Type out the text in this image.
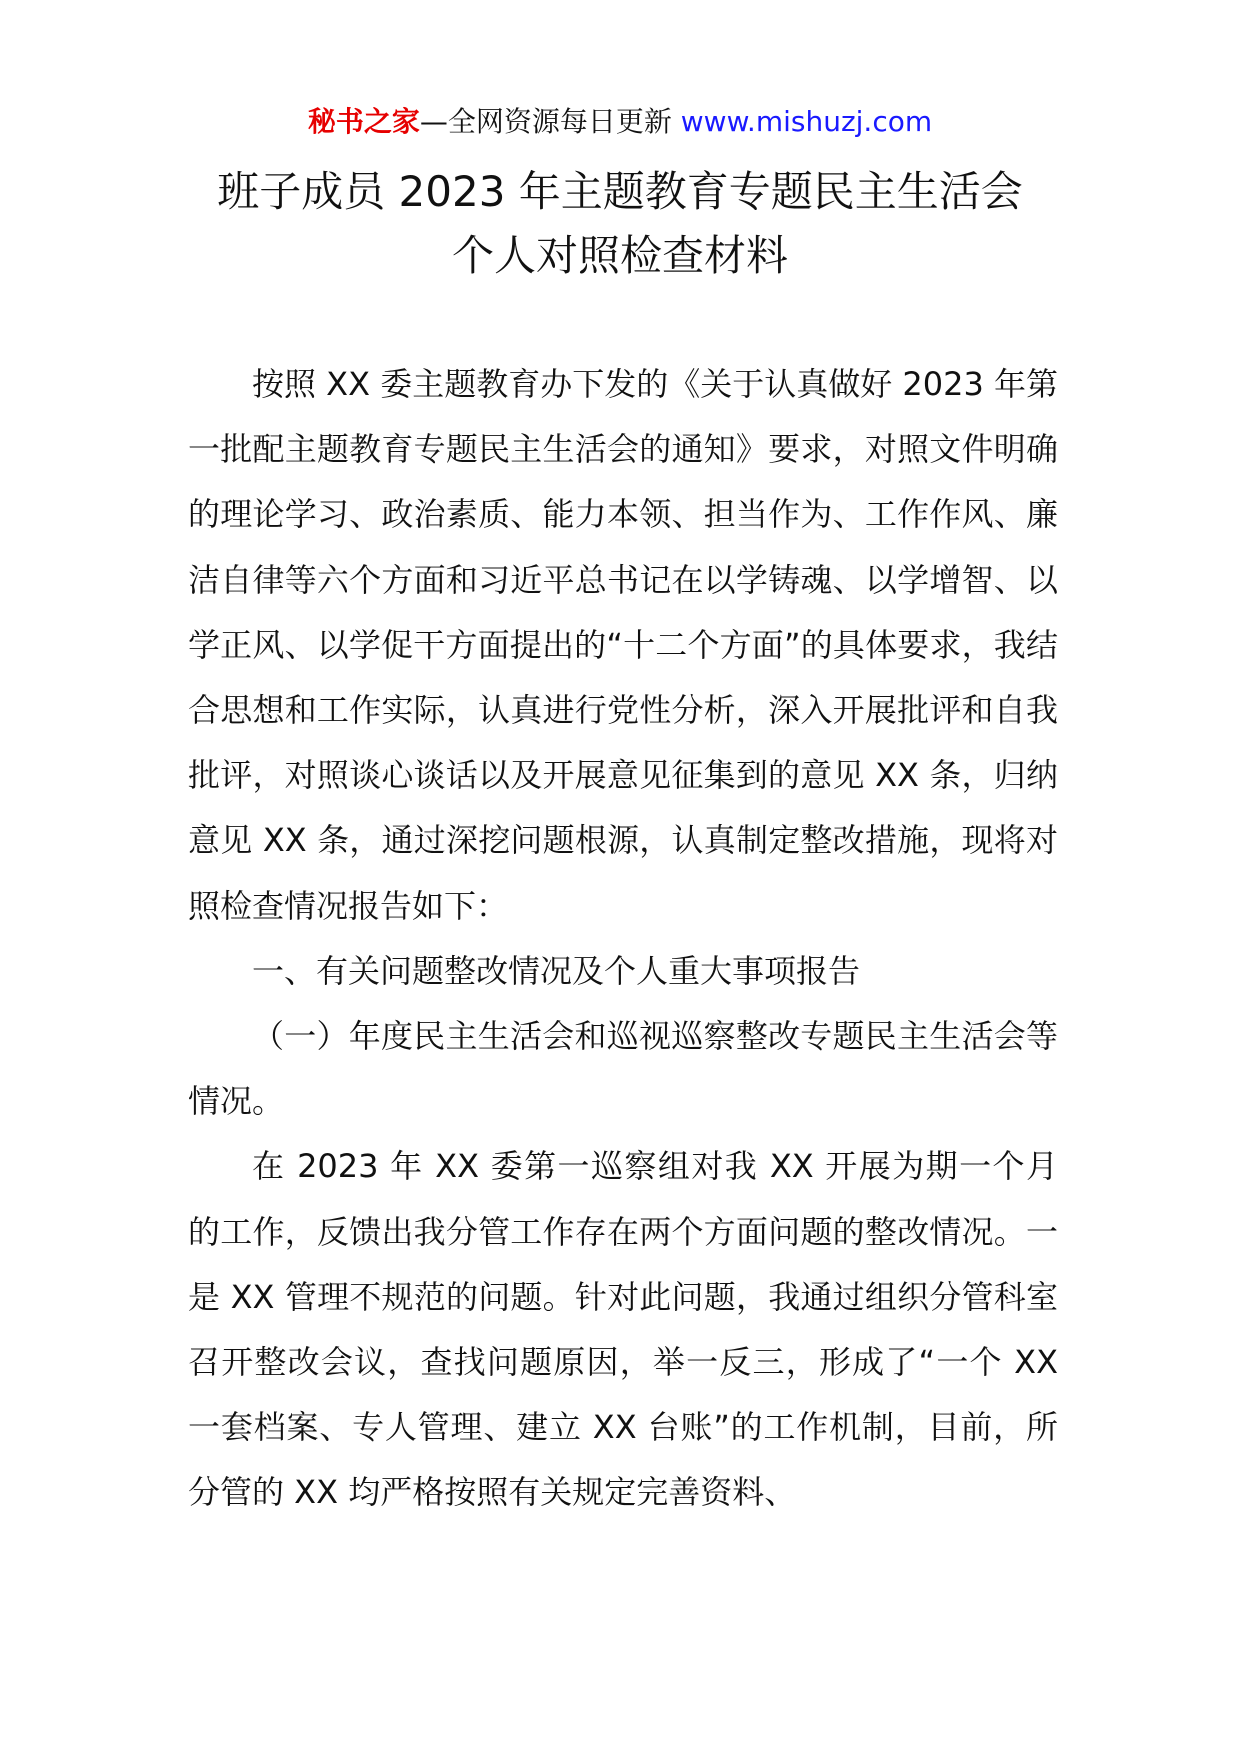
秘书之家—全网资源每日更新 www.mishuzj.com
班子成员 2023 年主题教育专题民主生活会
个人对照检查材料

按照 XX 委主题教育办下发的《关于认真做好 2023 年第一批配主题教育专题民主生活会的通知》要求，对照文件明确的理论学习、政治素质、能力本领、担当作为、工作作风、廉洁自律等六个方面和习近平总书记在以学铸魂、以学增智、以学正风、以学促干方面提出的“十二个方面”的具体要求，我结合思想和工作实际，认真进行党性分析，深入开展批评和自我批评，对照谈心谈话以及开展意见征集到的意见 XX 条，归纳意见 XX 条，通过深挖问题根源，认真制定整改措施，现将对照检查情况报告如下：

一、有关问题整改情况及个人重大事项报告

（一）年度民主生活会和巡视巡察整改专题民主生活会等情况。

在 2023 年 XX 委第一巡察组对我 XX 开展为期一个月的工作，反馈出我分管工作存在两个方面问题的整改情况。一是 XX 管理不规范的问题。针对此问题，我通过组织分管科室召开整改会议，查找问题原因，举一反三，形成了“一个 XX 一套档案、专人管理、建立 XX 台账”的工作机制，目前，所分管的 XX 均严格按照有关规定完善资料、
